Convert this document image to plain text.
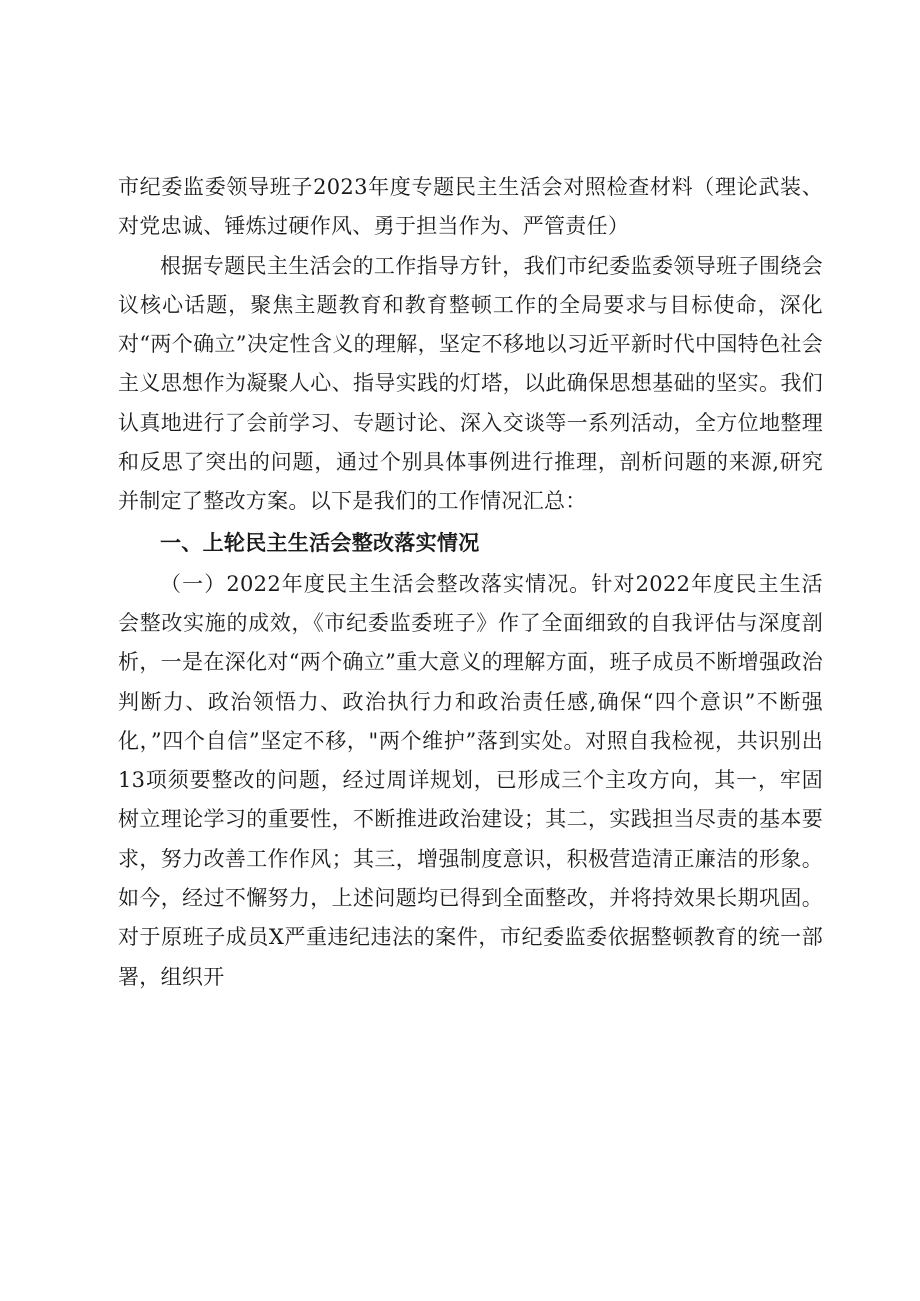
市纪委监委领导班子2023年度专题民主生活会对照检查材料（理论武装、对党忠诚、锤炼过硬作风、勇于担当作为、严管责任）

根据专题民主生活会的工作指导方针，我们市纪委监委领导班子围绕会议核心话题，聚焦主题教育和教育整顿工作的全局要求与目标使命，深化对“两个确立”决定性含义的理解，坚定不移地以习近平新时代中国特色社会主义思想作为凝聚人心、指导实践的灯塔，以此确保思想基础的坚实。我们认真地进行了会前学习、专题讨论、深入交谈等一系列活动，全方位地整理和反思了突出的问题，通过个别具体事例进行推理，剖析问题的来源,研究并制定了整改方案。以下是我们的工作情况汇总：

一、上轮民主生活会整改落实情况

（一）2022年度民主生活会整改落实情况。针对2022年度民主生活会整改实施的成效，《市纪委监委班子》作了全面细致的自我评估与深度剖析，一是在深化对“两个确立”重大意义的理解方面，班子成员不断增强政治判断力、政治领悟力、政治执行力和政治责任感,确保“四个意识”不断强化，”四个自信”坚定不移，"两个维护”落到实处。对照自我检视，共识别出13项须要整改的问题，经过周详规划，已形成三个主攻方向，其一，牢固树立理论学习的重要性，不断推进政治建设；其二，实践担当尽责的基本要求，努力改善工作作风；其三，增强制度意识，积极营造清正廉洁的形象。如今，经过不懈努力，上述问题均已得到全面整改，并将持效果长期巩固。对于原班子成员X严重违纪违法的案件，市纪委监委依据整顿教育的统一部署，组织开
